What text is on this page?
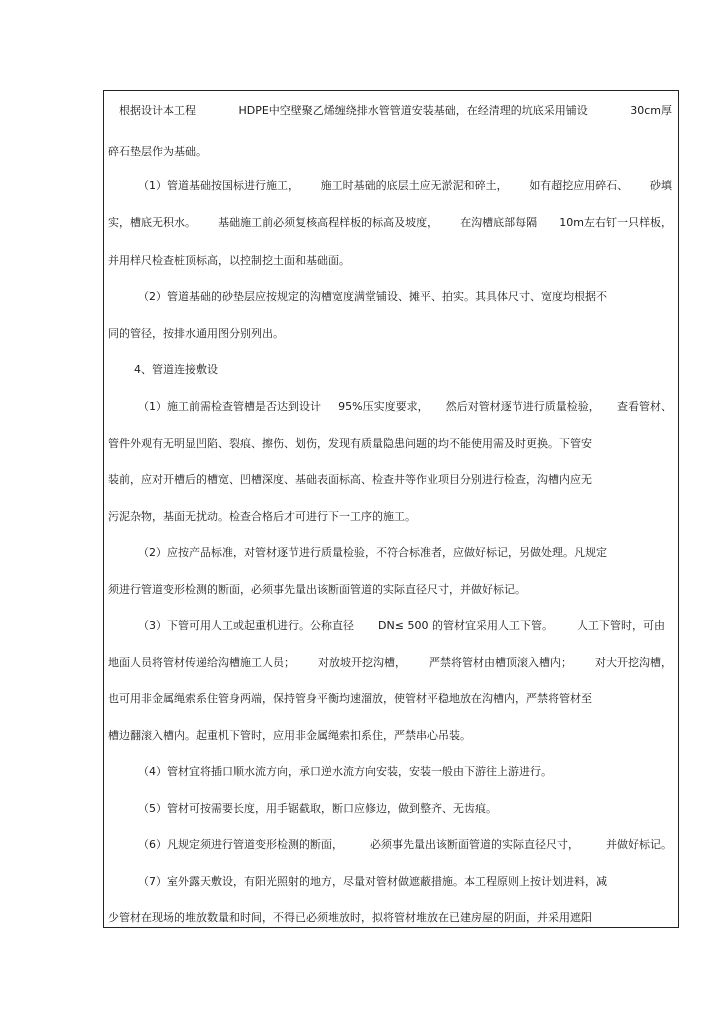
根据设计本工程	HDPE中空壁聚乙烯缠绕排水管管道安装基础，在经清理的坑底采用铺设	30cm厚
碎石垫层作为基础。
（1）管道基础按国标进行施工， 施工时基础的底层土应无淤泥和碎土， 如有超挖应用碎石、 砂填
实，槽底无积水。 基础施工前必须复核高程样板的标高及坡度， 在沟槽底部每隔 10m左右钉一只样板，
并用样尺检查桩顶标高，以控制挖土面和基础面。
（2）管道基础的砂垫层应按规定的沟槽宽度满堂铺设、摊平、拍实。其具体尺寸、宽度均根据不
同的管径，按排水通用图分别列出。
4、管道连接敷设
（1）施工前需检查管槽是否达到设计 95%压实度要求， 然后对管材逐节进行质量检验， 查看管材、
管件外观有无明显凹陷、裂痕、擦伤、划伤，发现有质量隐患问题的均不能使用需及时更换。下管安
装前，应对开槽后的槽宽、凹槽深度、基础表面标高、检查井等作业项目分别进行检查，沟槽内应无
污泥杂物，基面无扰动。检查合格后才可进行下一工序的施工。
（2）应按产品标准，对管材逐节进行质量检验，不符合标准者，应做好标记，另做处理。凡规定
须进行管道变形检测的断面，必须事先量出该断面管道的实际直径尺寸，并做好标记。
（3）下管可用人工或起重机进行。公称直径 DN≤ 500 的管材宜采用人工下管。 人工下管时，可由
地面人员将管材传递给沟槽施工人员； 对放坡开挖沟槽， 严禁将管材由槽顶滚入槽内； 对大开挖沟槽，
也可用非金属绳索系住管身两端，保持管身平衡均速溜放，使管材平稳地放在沟槽内，严禁将管材至
槽边翻滚入槽内。起重机下管时，应用非金属绳索扣系住，严禁串心吊装。
（4）管材宜将插口顺水流方向，承口逆水流方向安装，安装一般由下游往上游进行。
（5）管材可按需要长度，用手锯截取，断口应修边，做到整齐、无齿痕。
（6）凡规定须进行管道变形检测的断面， 必须事先量出该断面管道的实际直径尺寸， 并做好标记。
（7）室外露天敷设，有阳光照射的地方，尽量对管材做遮蔽措施。本工程原则上按计划进料，减
少管材在现场的堆放数量和时间，不得已必须堆放时，拟将管材堆放在已建房屋的阴面，并采用遮阳
